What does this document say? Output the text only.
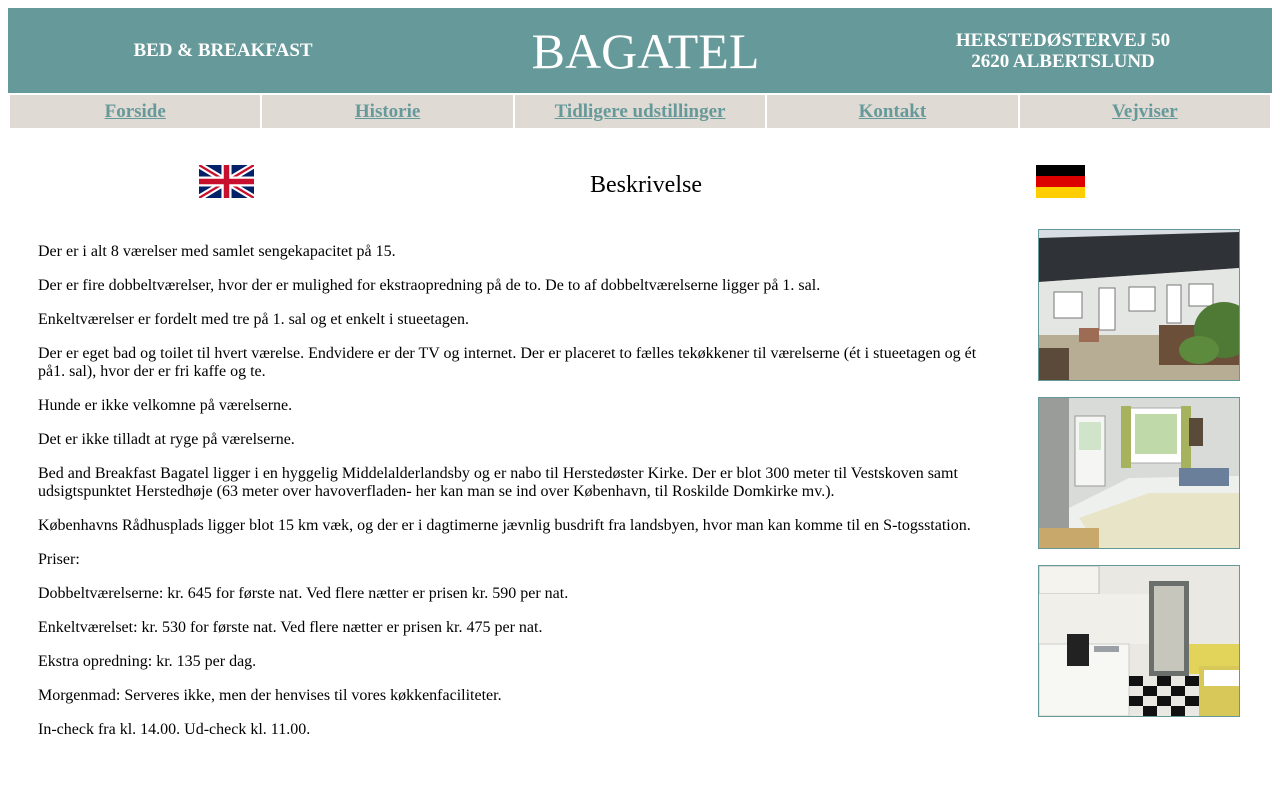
BED & BREAKFAST	BAGATEL	HERSTEDØSTERVEJ 50
2620 ALBERTSLUND
Forside	Historie	Tidligere udstillinger	Kontakt	Vejviser
Beskrivelse

Der er i alt 8 værelser med samlet sengekapacitet på 15.

Der er fire dobbeltværelser, hvor der er mulighed for ekstraopredning på de to. De to af dobbeltværelserne ligger på 1. sal.

Enkeltværelser er fordelt med tre på 1. sal og et enkelt i stueetagen.

Der er eget bad og toilet til hvert værelse. Endvidere er der TV og internet. Der er placeret to fælles tekøkkener til værelserne (ét i stueetagen og ét på1. sal), hvor der er fri kaffe og te.

Hunde er ikke velkomne på værelserne.

Det er ikke tilladt at ryge på værelserne.

Bed and Breakfast Bagatel ligger i en hyggelig Middelalderlandsby og er nabo til Herstedøster Kirke. Der er blot 300 meter til Vestskoven samt udsigtspunktet Herstedhøje (63 meter over havoverfladen- her kan man se ind over København, til Roskilde Domkirke mv.).

Københavns Rådhusplads ligger blot 15 km væk, og der er i dagtimerne jævnlig busdrift fra landsbyen, hvor man kan komme til en S-togsstation.

Priser:

Dobbeltværelserne: kr. 645 for første nat. Ved flere nætter er prisen kr. 590 per nat.

Enkeltværelset: kr. 530 for første nat. Ved flere nætter er prisen kr. 475 per nat.

Ekstra opredning: kr. 135 per dag.

Morgenmad: Serveres ikke, men der henvises til vores køkkenfaciliteter.

In-check fra kl. 14.00. Ud-check kl. 11.00.
